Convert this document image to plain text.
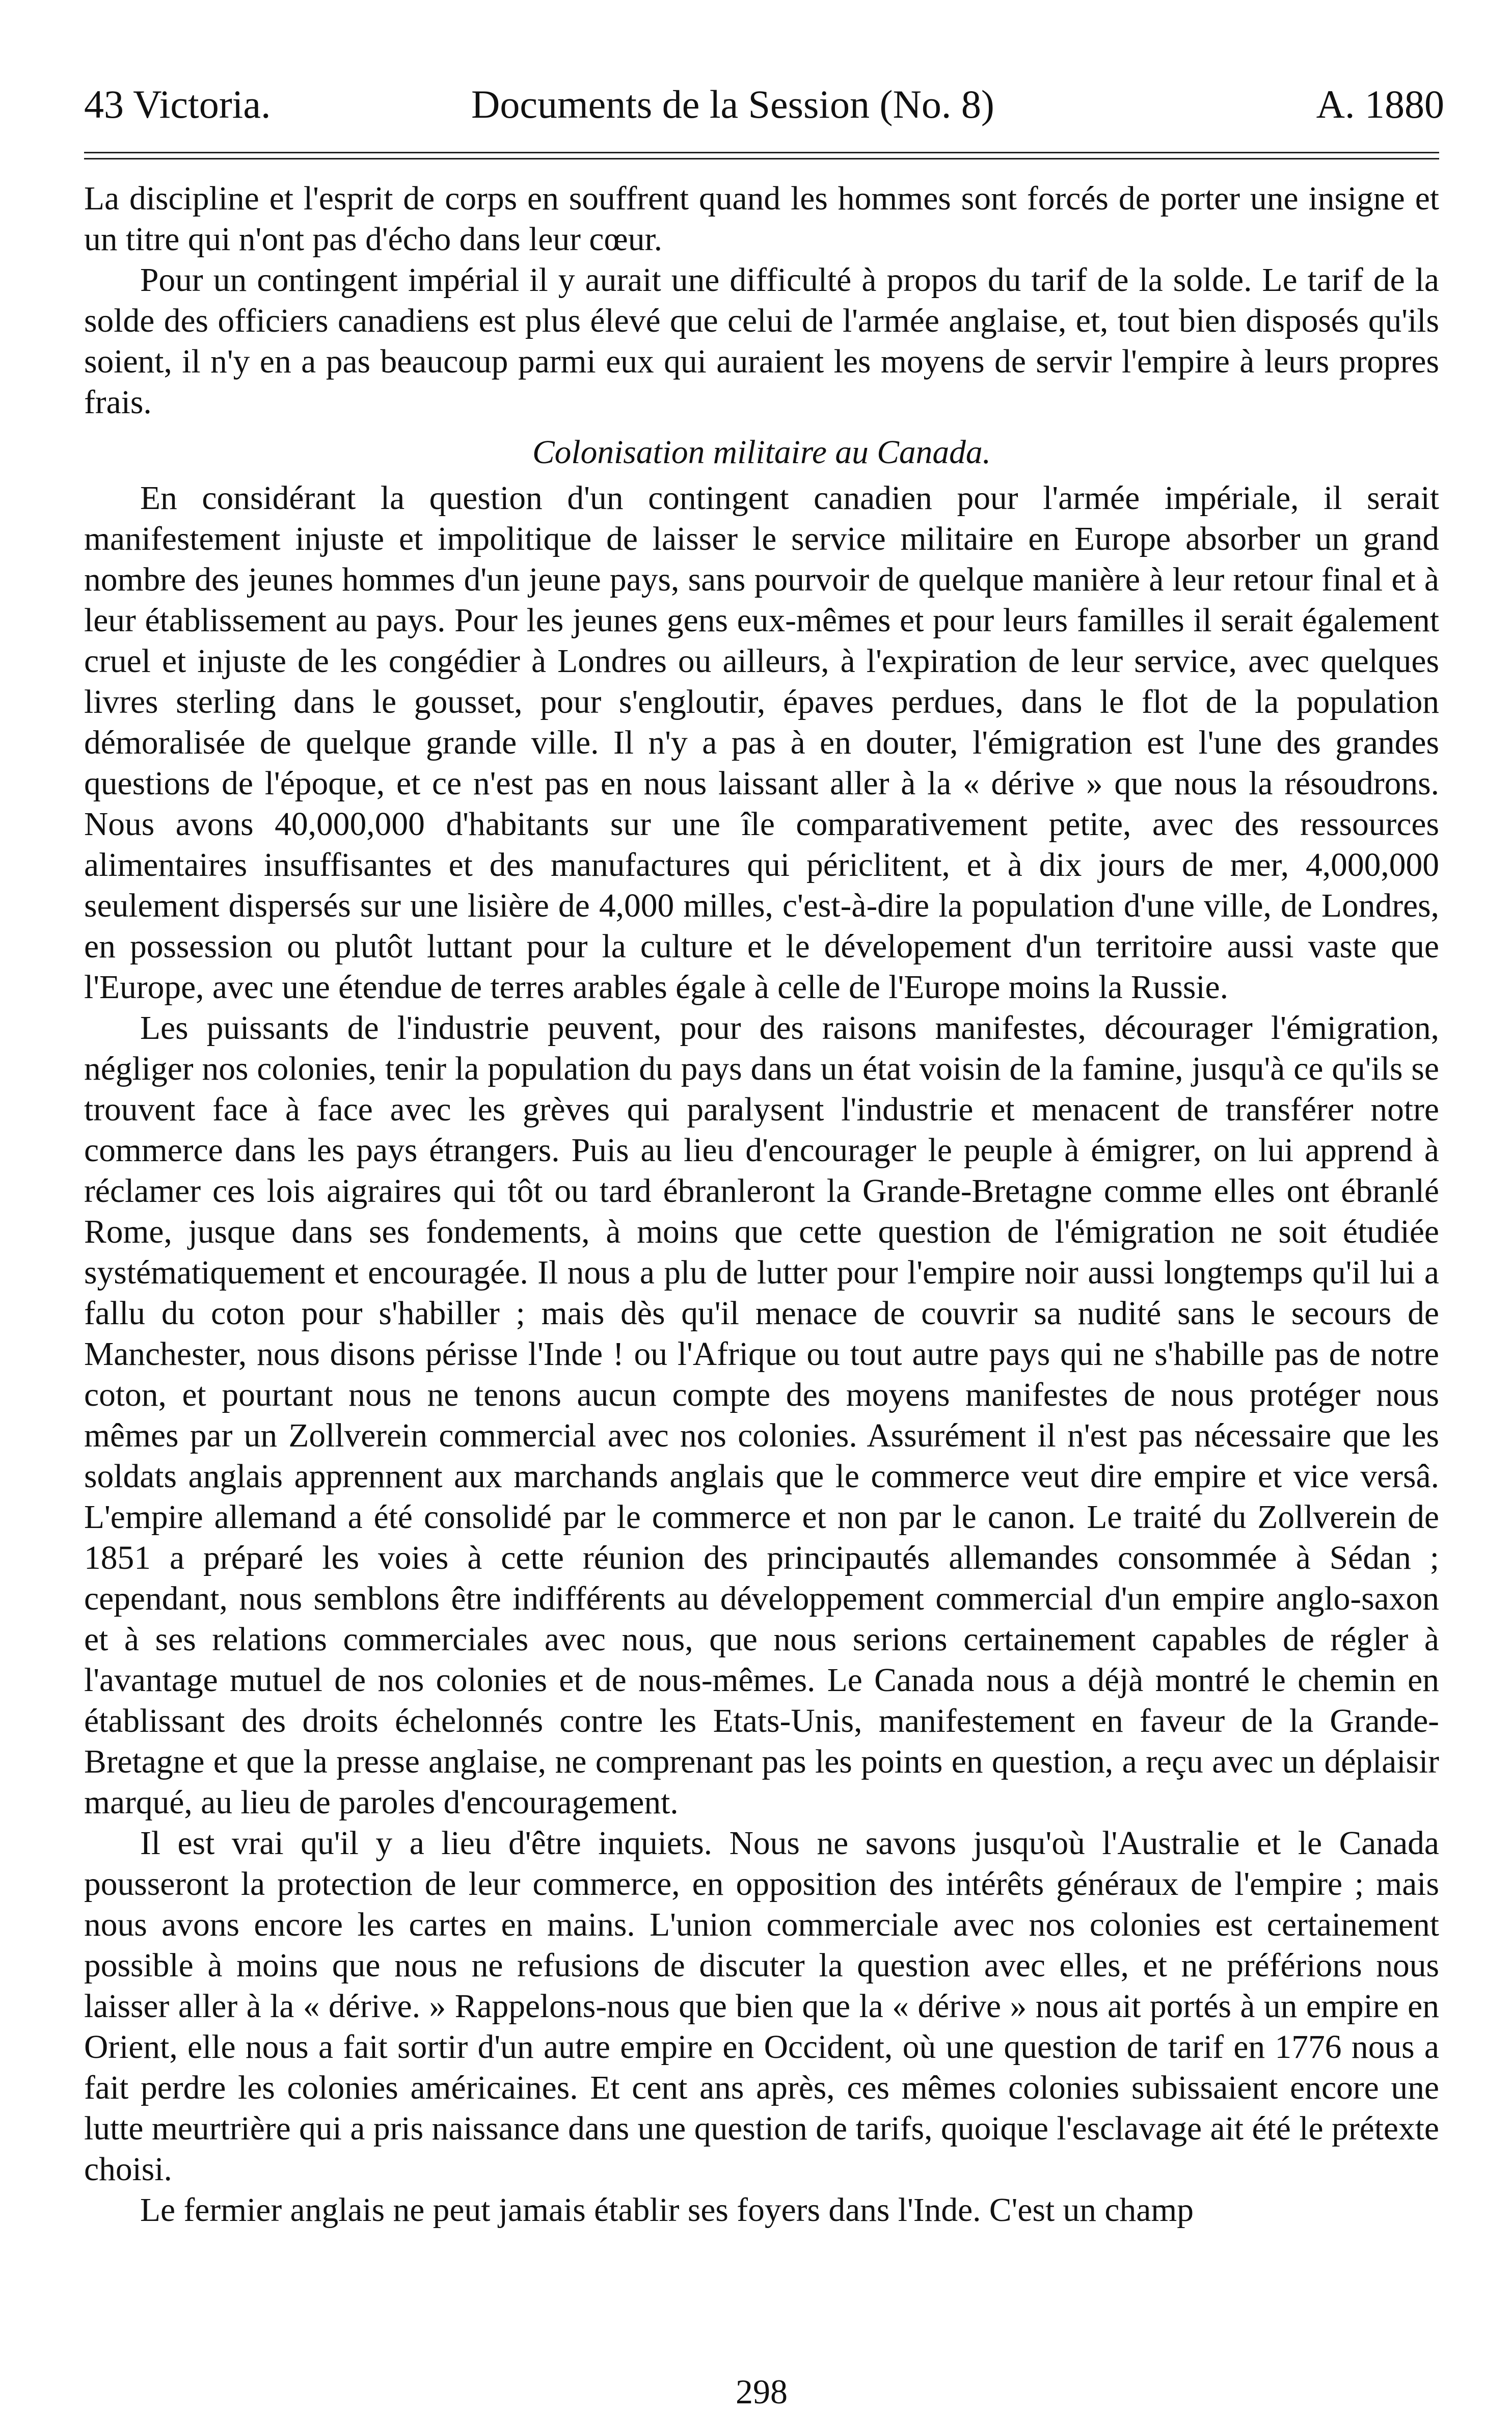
43 Victoria.	Documents de la Session (No. 8)	A. 1880

La discipline et l'esprit de corps en souffrent quand les hommes sont forcés de porter une insigne et un titre qui n'ont pas d'écho dans leur cœur.

Pour un contingent impérial il y aurait une difficulté à propos du tarif de la solde. Le tarif de la solde des officiers canadiens est plus élevé que celui de l'armée anglaise, et, tout bien disposés qu'ils soient, il n'y en a pas beaucoup parmi eux qui auraient les moyens de servir l'empire à leurs propres frais.

Colonisation militaire au Canada.

En considérant la question d'un contingent canadien pour l'armée impériale, il serait manifestement injuste et impolitique de laisser le service militaire en Europe absorber un grand nombre des jeunes hommes d'un jeune pays, sans pourvoir de quelque manière à leur retour final et à leur établissement au pays. Pour les jeunes gens eux-mêmes et pour leurs familles il serait également cruel et injuste de les congédier à Londres ou ailleurs, à l'expiration de leur service, avec quelques livres sterling dans le gousset, pour s'engloutir, épaves perdues, dans le flot de la population démoralisée de quelque grande ville. Il n'y a pas à en douter, l'émigration est l'une des grandes questions de l'époque, et ce n'est pas en nous laissant aller à la « dérive » que nous la résoudrons. Nous avons 40,000,000 d'habitants sur une île comparativement petite, avec des ressources alimentaires insuffisantes et des manufactures qui périclitent, et à dix jours de mer, 4,000,000 seulement dispersés sur une lisière de 4,000 milles, c'est-à-dire la population d'une ville, de Londres, en possession ou plutôt luttant pour la culture et le dévelopement d'un territoire aussi vaste que l'Europe, avec une étendue de terres arables égale à celle de l'Europe moins la Russie.

Les puissants de l'industrie peuvent, pour des raisons manifestes, décourager l'émigration, négliger nos colonies, tenir la population du pays dans un état voisin de la famine, jusqu'à ce qu'ils se trouvent face à face avec les grèves qui paralysent l'industrie et menacent de transférer notre commerce dans les pays étrangers. Puis au lieu d'encourager le peuple à émigrer, on lui apprend à réclamer ces lois aigraires qui tôt ou tard ébranleront la Grande-Bretagne comme elles ont ébranlé Rome, jusque dans ses fondements, à moins que cette question de l'émigration ne soit étudiée systématiquement et encouragée. Il nous a plu de lutter pour l'empire noir aussi longtemps qu'il lui a fallu du coton pour s'habiller ; mais dès qu'il menace de couvrir sa nudité sans le secours de Manchester, nous disons périsse l'Inde ! ou l'Afrique ou tout autre pays qui ne s'habille pas de notre coton, et pourtant nous ne tenons aucun compte des moyens manifestes de nous protéger nous mêmes par un Zollverein commercial avec nos colonies. Assurément il n'est pas nécessaire que les soldats anglais apprennent aux marchands anglais que le commerce veut dire empire et vice versâ. L'empire allemand a été consolidé par le commerce et non par le canon. Le traité du Zollverein de 1851 a préparé les voies à cette réunion des principautés allemandes consommée à Sédan ; cependant, nous semblons être indifférents au développement commercial d'un empire anglo-saxon et à ses relations commerciales avec nous, que nous serions certainement capables de régler à l'avantage mutuel de nos colonies et de nous-mêmes. Le Canada nous a déjà montré le chemin en établissant des droits échelonnés contre les Etats-Unis, manifestement en faveur de la Grande-Bretagne et que la presse anglaise, ne comprenant pas les points en question, a reçu avec un déplaisir marqué, au lieu de paroles d'encouragement.

Il est vrai qu'il y a lieu d'être inquiets. Nous ne savons jusqu'où l'Australie et le Canada pousseront la protection de leur commerce, en opposition des intérêts généraux de l'empire ; mais nous avons encore les cartes en mains. L'union commerciale avec nos colonies est certainement possible à moins que nous ne refusions de discuter la question avec elles, et ne préférions nous laisser aller à la « dérive. » Rappelons-nous que bien que la « dérive » nous ait portés à un empire en Orient, elle nous a fait sortir d'un autre empire en Occident, où une question de tarif en 1776 nous a fait perdre les colonies américaines. Et cent ans après, ces mêmes colonies subissaient encore une lutte meurtrière qui a pris naissance dans une question de tarifs, quoique l'esclavage ait été le prétexte choisi.

Le fermier anglais ne peut jamais établir ses foyers dans l'Inde. C'est un champ

298
